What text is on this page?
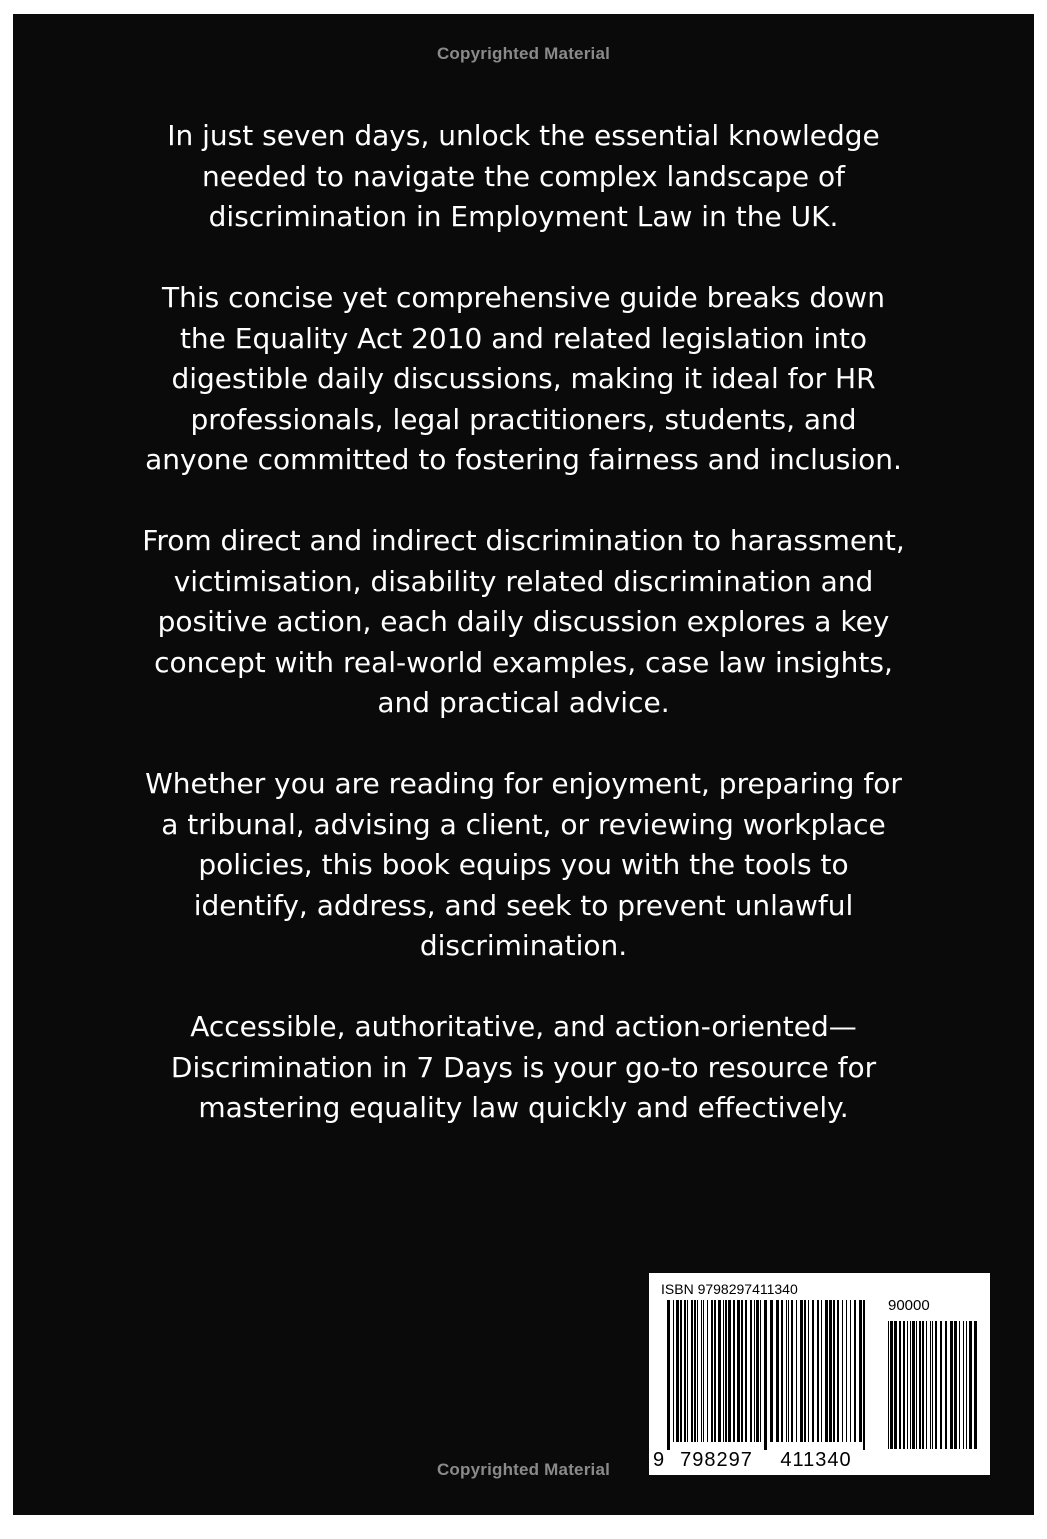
Copyrighted Material

In just seven days, unlock the essential knowledge
needed to navigate the complex landscape of
discrimination in Employment Law in the UK.

This concise yet comprehensive guide breaks down
the Equality Act 2010 and related legislation into
digestible daily discussions, making it ideal for HR
professionals, legal practitioners, students, and
anyone committed to fostering fairness and inclusion.

From direct and indirect discrimination to harassment,
victimisation, disability related discrimination and
positive action, each daily discussion explores a key
concept with real-world examples, case law insights,
and practical advice.

Whether you are reading for enjoyment, preparing for
a tribunal, advising a client, or reviewing workplace
policies, this book equips you with the tools to
identify, address, and seek to prevent unlawful
discrimination.

Accessible, authoritative, and action-oriented—
Discrimination in 7 Days is your go-to resource for
mastering equality law quickly and effectively.

ISBN 9798297411340
90000
9 798297	411340
Copyrighted Material
